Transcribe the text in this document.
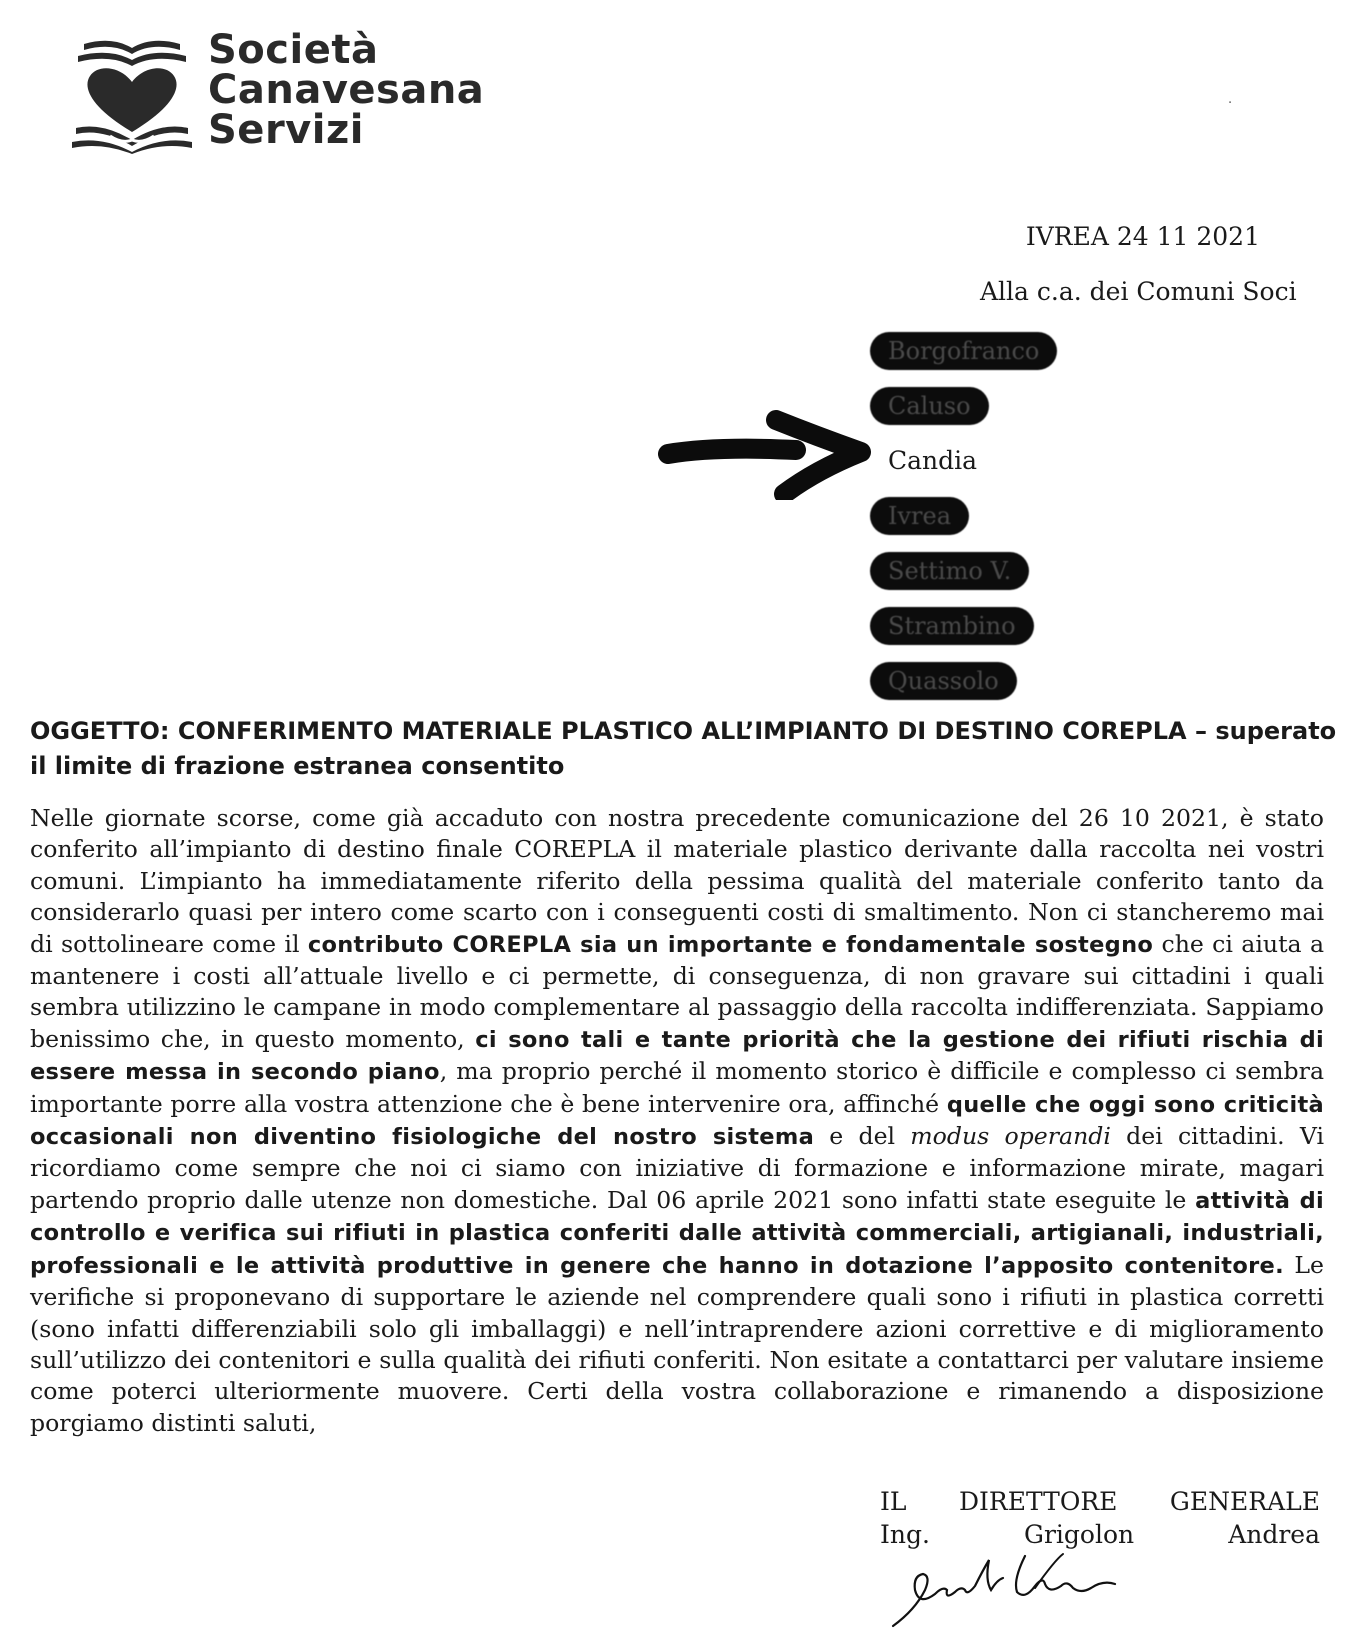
Società
Canavesana
Servizi
.
IVREA 24 11 2021
Alla c.a. dei Comuni Soci
Borgofranco
Caluso
Candia
Ivrea
Settimo V.
Strambino
Quassolo

OGGETTO: CONFERIMENTO MATERIALE PLASTICO ALL’IMPIANTO DI DESTINO COREPLA – superato il limite di frazione estranea consentito

Nelle giornate scorse, come già accaduto con nostra precedente comunicazione del 26 10 2021, è stato conferito all’impianto di destino finale COREPLA il materiale plastico derivante dalla raccolta nei vostri comuni. L’impianto ha immediatamente riferito della pessima qualità del materiale conferito tanto da considerarlo quasi per intero come scarto con i conseguenti costi di smaltimento. Non ci stancheremo mai di sottolineare come il contributo COREPLA sia un importante e fondamentale sostegno che ci aiuta a mantenere i costi all’attuale livello e ci permette, di conseguenza, di non gravare sui cittadini i quali sembra utilizzino le campane in modo complementare al passaggio della raccolta indifferenziata. Sappiamo benissimo che, in questo momento, ci sono tali e tante priorità che la gestione dei rifiuti rischia di essere messa in secondo piano, ma proprio perché il momento storico è difficile e complesso ci sembra importante porre alla vostra attenzione che è bene intervenire ora, affinché quelle che oggi sono criticità occasionali non diventino fisiologiche del nostro sistema e del modus operandi dei cittadini. Vi ricordiamo come sempre che noi ci siamo con iniziative di formazione e informazione mirate, magari partendo proprio dalle utenze non domestiche. Dal 06 aprile 2021 sono infatti state eseguite le attività di controllo e verifica sui rifiuti in plastica conferiti dalle attività commerciali, artigianali, industriali, professionali e le attività produttive in genere che hanno in dotazione l’apposito contenitore. Le verifiche si proponevano di supportare le aziende nel comprendere quali sono i rifiuti in plastica corretti (sono infatti differenziabili solo gli imballaggi) e nell’intraprendere azioni correttive e di miglioramento sull’utilizzo dei contenitori e sulla qualità dei rifiuti conferiti. Non esitate a contattarci per valutare insieme come poterci ulteriormente muovere. Certi della vostra collaborazione e rimanendo a disposizione porgiamo distinti saluti,

IL DIRETTORE GENERALE
Ing.	Grigolon	Andrea
